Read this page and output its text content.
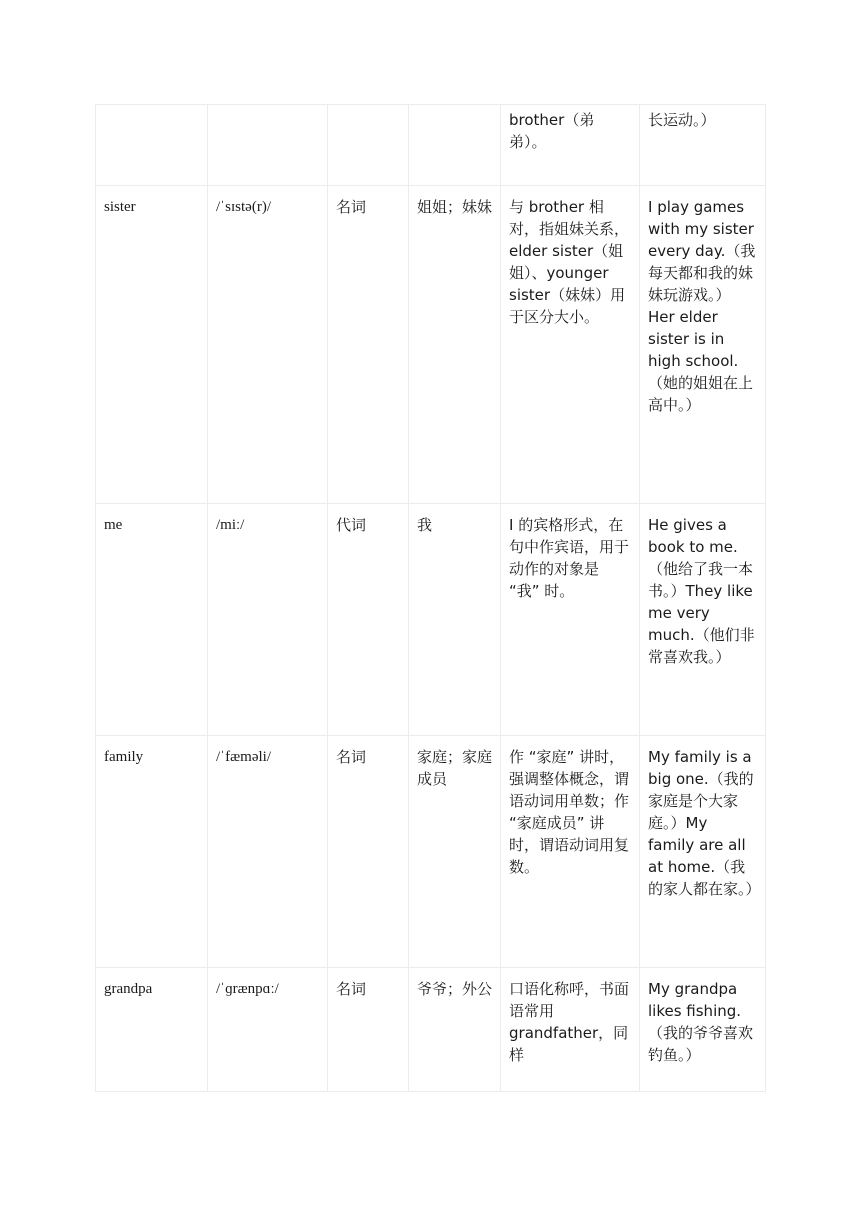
				brother（弟弟）。	长运动。）
sister	/ˈsɪstə(r)/	名词	姐姐；妹妹	与 brother 相对，指姐妹关系，elder sister（姐姐）、younger sister（妹妹）用于区分大小。	I play games with my sister every day.（我每天都和我的妹妹玩游戏。）Her elder sister is in high school.（她的姐姐在上高中。）
me	/miː/	代词	我	I 的宾格形式，在句中作宾语，用于动作的对象是 “我” 时。	He gives a book to me.（他给了我一本书。）They like me very much.（他们非常喜欢我。）
family	/ˈfæməli/	名词	家庭；家庭成员	作 “家庭” 讲时，强调整体概念，谓语动词用单数；作 “家庭成员” 讲时，谓语动词用复数。	My family is a big one.（我的家庭是个大家庭。）My family are all at home.（我的家人都在家。）
grandpa	/ˈɡrænpɑː/	名词	爷爷；外公	口语化称呼，书面语常用 grandfather，同样	My grandpa likes fishing.（我的爷爷喜欢钓鱼。）
